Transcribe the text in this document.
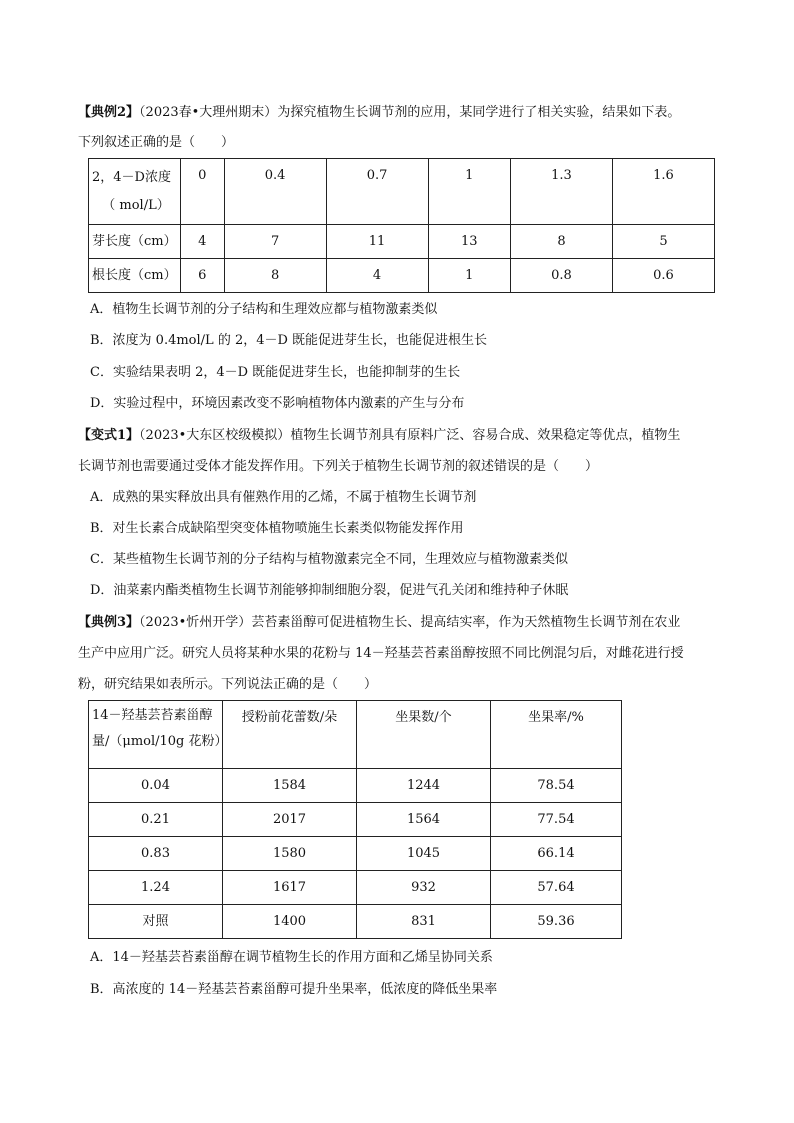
【典例2】（2023春•大理州期末）为探究植物生长调节剂的应用，某同学进行了相关实验，结果如下表。
下列叙述正确的是（　　）
2，4－D浓度
（ mol/L）	0	0.4	0.7	1	1.3	1.6
芽长度（cm）	4	7	11	13	8	5
根长度（cm）	6	8	4	1	0.8	0.6
A．植物生长调节剂的分子结构和生理效应都与植物激素类似
B．浓度为 0.4mol/L 的 2，4－D 既能促进芽生长，也能促进根生长
C．实验结果表明 2，4－D 既能促进芽生长，也能抑制芽的生长
D．实验过程中，环境因素改变不影响植物体内激素的产生与分布
【变式1】（2023•大东区校级模拟）植物生长调节剂具有原料广泛、容易合成、效果稳定等优点，植物生
长调节剂也需要通过受体才能发挥作用。下列关于植物生长调节剂的叙述错误的是（　　）
A．成熟的果实释放出具有催熟作用的乙烯，不属于植物生长调节剂
B．对生长素合成缺陷型突变体植物喷施生长素类似物能发挥作用
C．某些植物生长调节剂的分子结构与植物激素完全不同，生理效应与植物激素类似
D．油菜素内酯类植物生长调节剂能够抑制细胞分裂，促进气孔关闭和维持种子休眠
【典例3】（2023•忻州开学）芸苔素甾醇可促进植物生长、提高结实率，作为天然植物生长调节剂在农业
生产中应用广泛。研究人员将某种水果的花粉与 14－羟基芸苔素甾醇按照不同比例混匀后，对雌花进行授
粉，研究结果如表所示。下列说法正确的是（　　）
14－羟基芸苔素甾醇
量/（μmol/10g 花粉）	授粉前花蕾数/朵	坐果数/个	坐果率/%
0.04	1584	1244	78.54
0.21	2017	1564	77.54
0.83	1580	1045	66.14
1.24	1617	932	57.64
对照	1400	831	59.36
A．14－羟基芸苔素甾醇在调节植物生长的作用方面和乙烯呈协同关系
B．高浓度的 14－羟基芸苔素甾醇可提升坐果率，低浓度的降低坐果率
